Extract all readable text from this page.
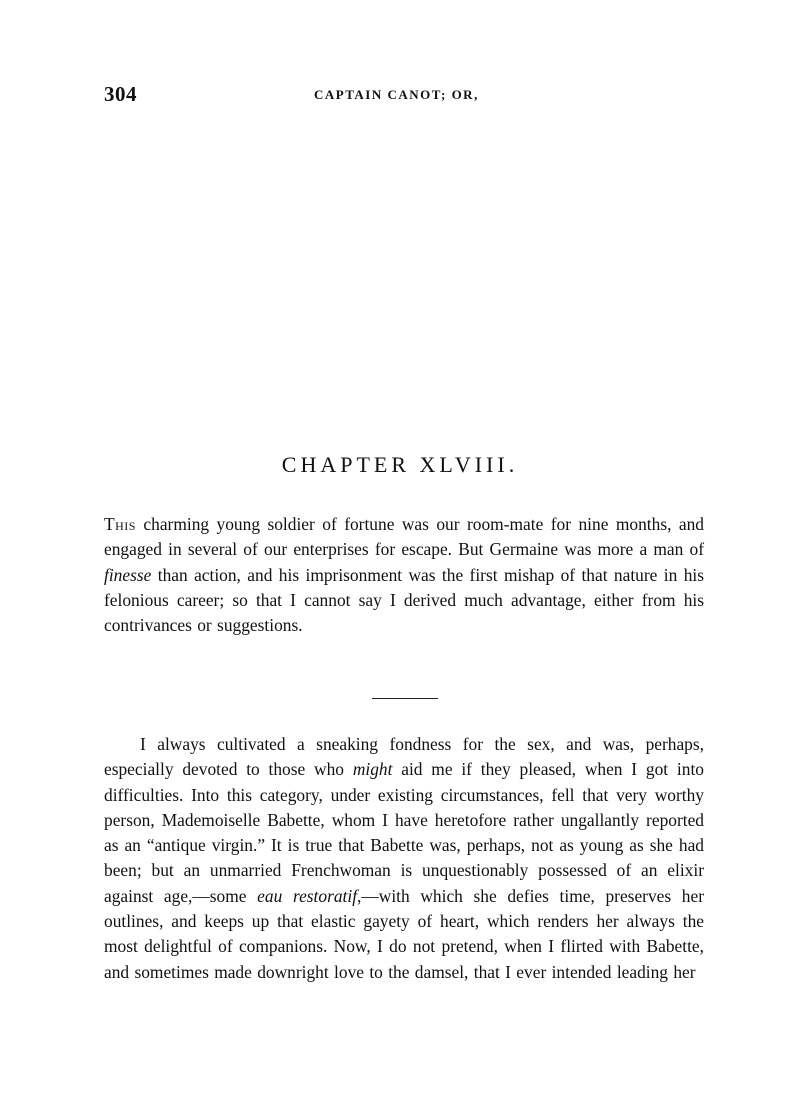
304	CAPTAIN CANOT; OR,
CHAPTER XLVIII.

This charming young soldier of fortune was our room-mate for nine months, and engaged in several of our enterprises for escape. But Germaine was more a man of finesse than action, and his imprisonment was the first mishap of that nature in his felonious career; so that I cannot say I derived much advantage, either from his contrivances or suggestions.

I always cultivated a sneaking fondness for the sex, and was, perhaps, especially devoted to those who might aid me if they pleased, when I got into difficulties. Into this category, under existing circumstances, fell that very worthy person, Mademoiselle Babette, whom I have heretofore rather ungallantly reported as an “antique virgin.” It is true that Babette was, perhaps, not as young as she had been; but an unmarried Frenchwoman is unquestionably possessed of an elixir against age,—some eau restoratif,—with which she defies time, preserves her outlines, and keeps up that elastic gayety of heart, which renders her always the most delightful of companions. Now, I do not pretend, when I flirted with Babette, and sometimes made downright love to the damsel, that I ever intended leading her
